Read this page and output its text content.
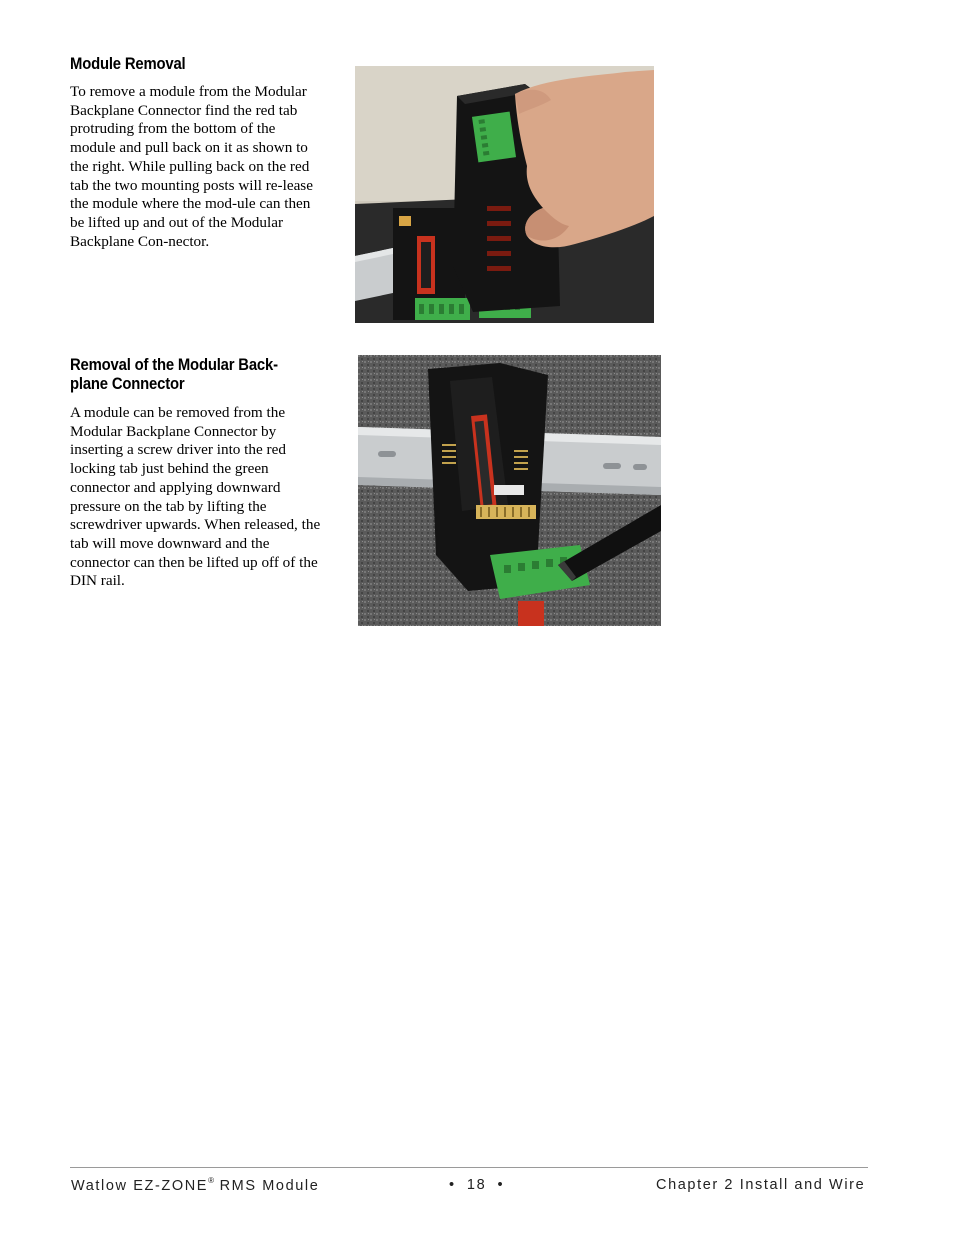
Module Removal

To remove a module from the Modular Backplane Connector find the red tab protruding from the bottom of the module and pull back on it as shown to the right. While pulling back on the red tab the two mounting posts will re-lease the module where the mod-ule can then be lifted up and out of the Modular Backplane Con-nector.

Removal of the Modular Back-plane Connector

A module can be removed from the Modular Backplane Connector by inserting a screw driver into the red locking tab just behind the green connector and applying downward pressure on the tab by lifting the screwdriver upwards. When released, the tab will move downward and the connector can then be lifted up off of the DIN rail.

Watlow EZ-ZONE® RMS Module	•  18  •	Chapter 2 Install and Wire
